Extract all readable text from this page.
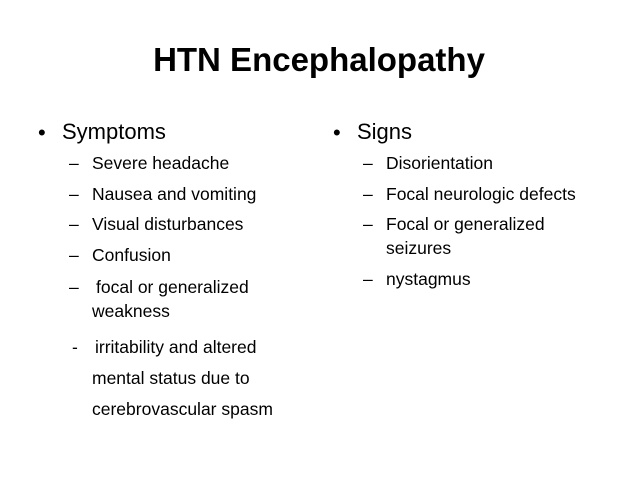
HTN Encephalopathy
• Symptoms
– Severe headache
– Nausea and vomiting
– Visual disturbances
– Confusion
– focal or generalized
weakness
- irritability and altered
mental status due to
cerebrovascular spasm
• Signs
– Disorientation
– Focal neurologic defects
– Focal or generalized
seizures
– nystagmus
